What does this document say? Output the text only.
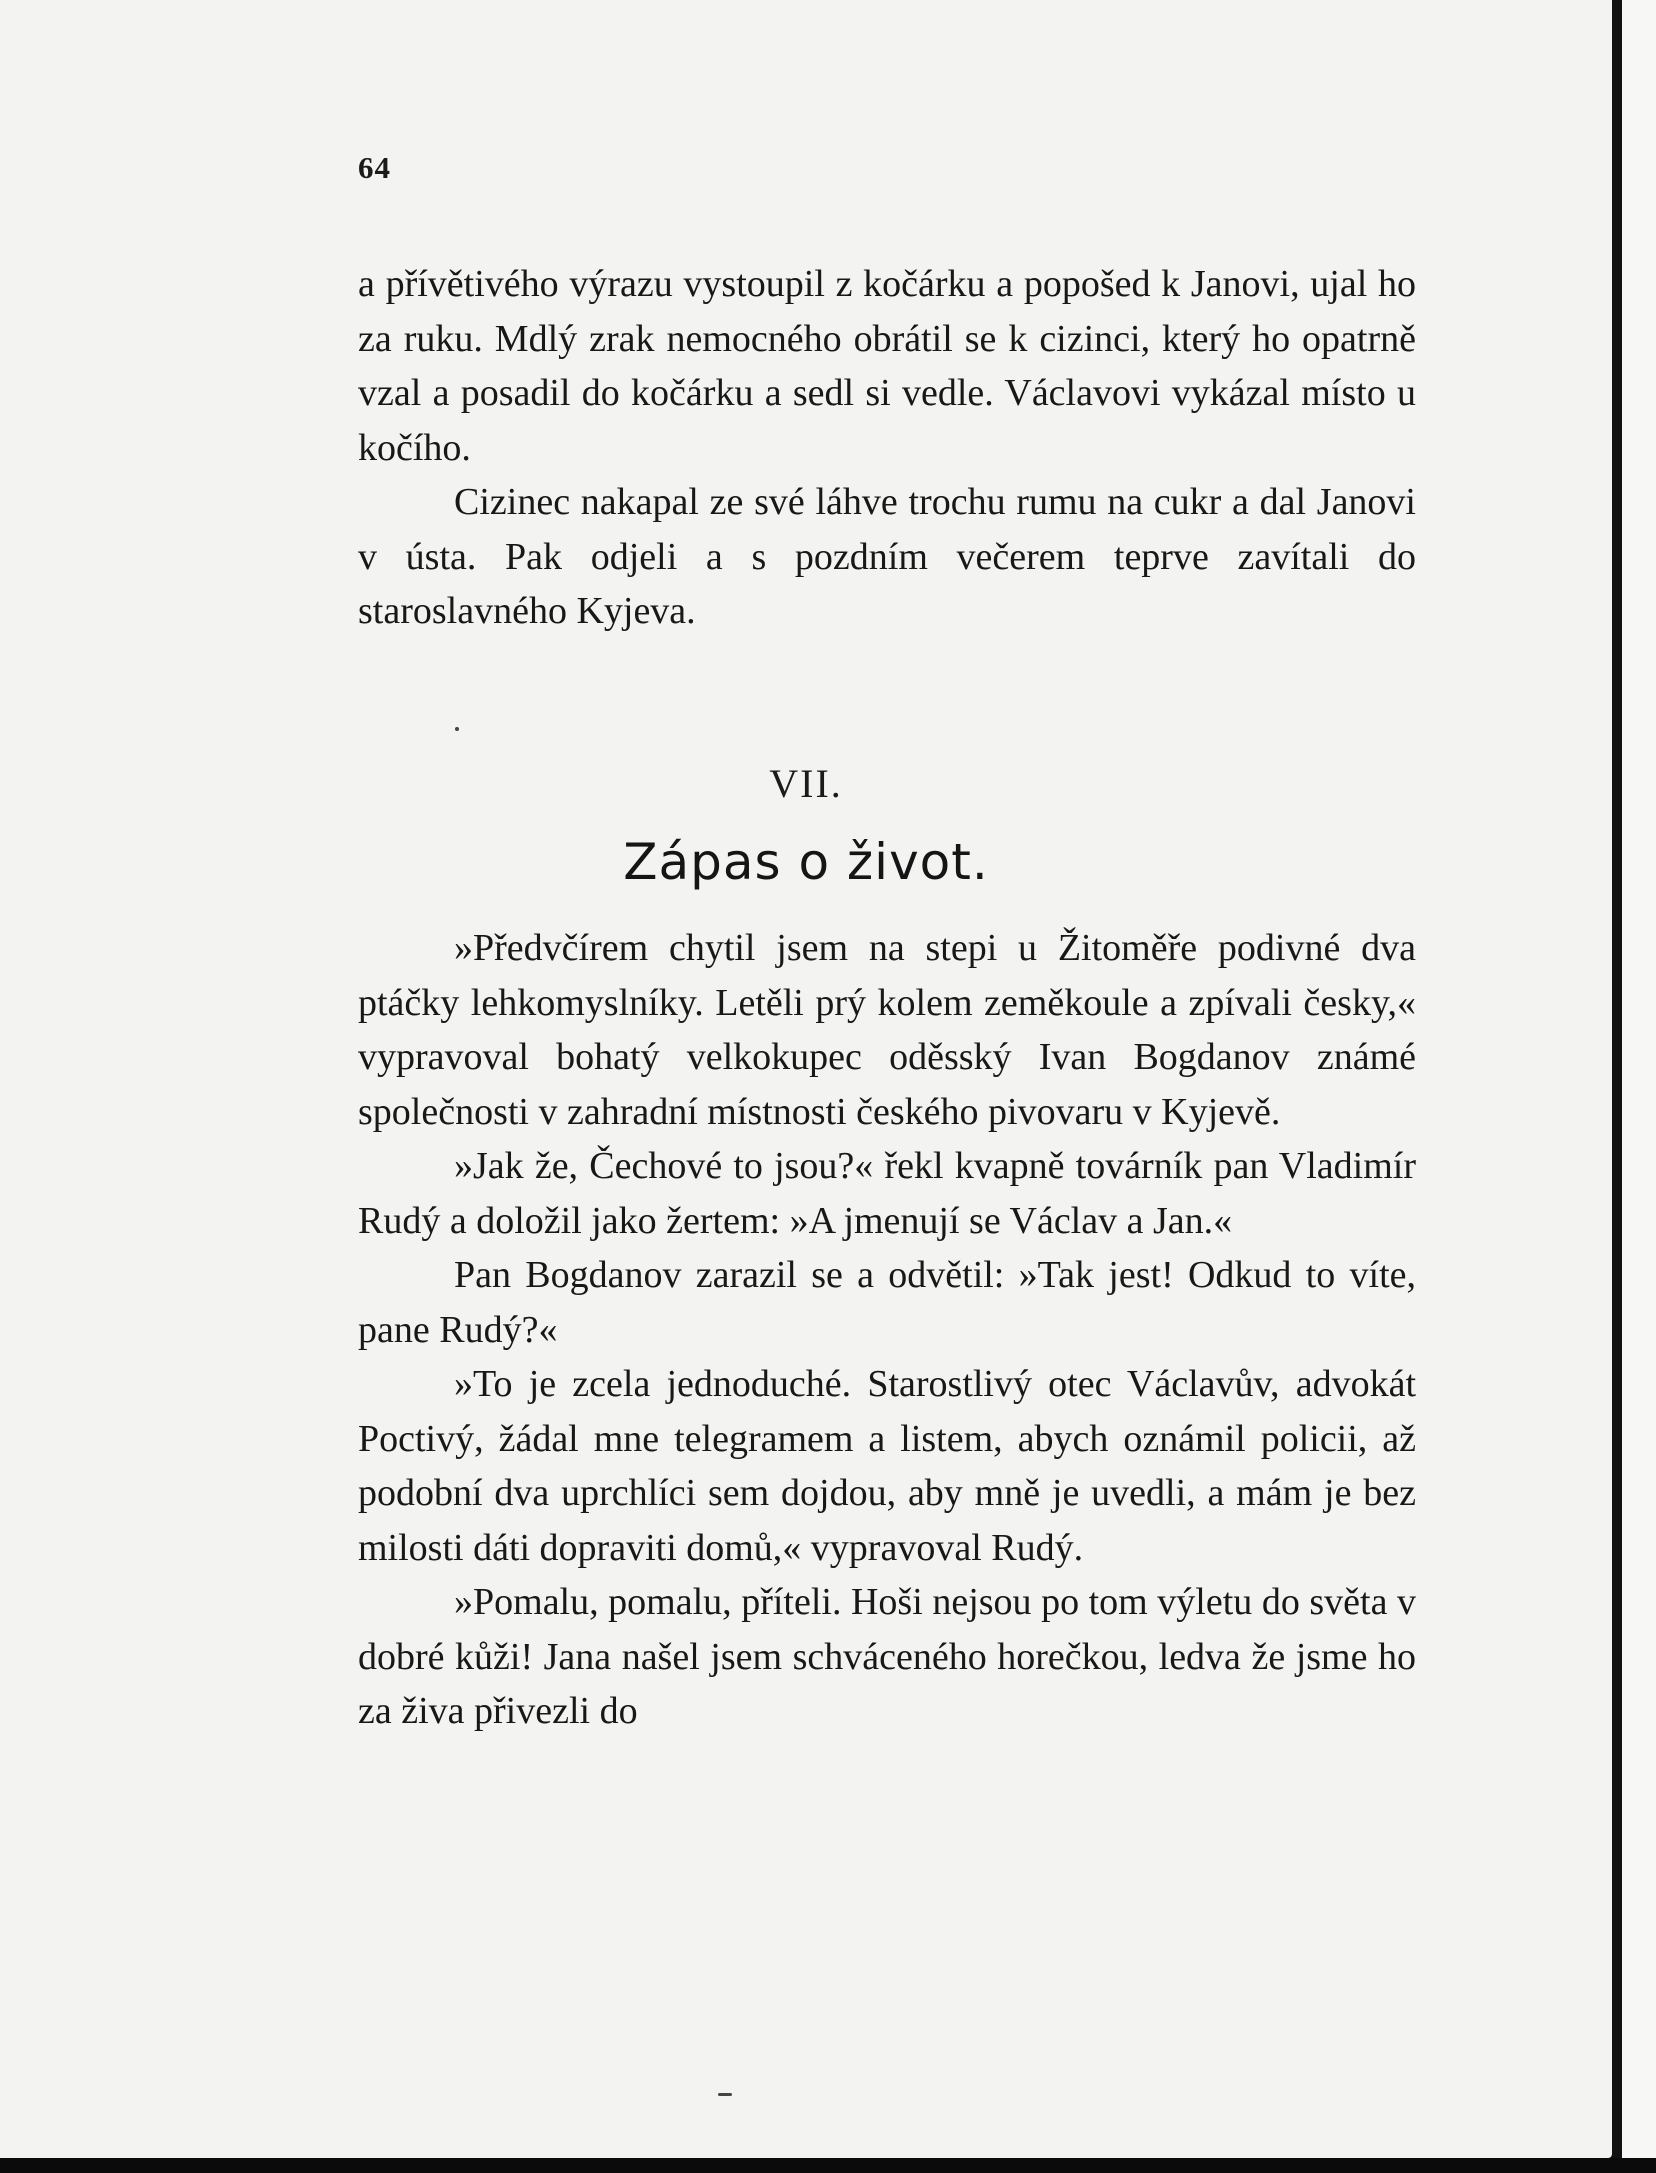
64

a přívětivého výrazu vystoupil z kočárku a popošed k Janovi, ujal ho za ruku. Mdlý zrak nemocného obrátil se k cizinci, který ho opatrně vzal a posadil do kočárku a sedl si vedle. Václavovi vykázal místo u kočího.

Cizinec nakapal ze své láhve trochu rumu na cukr a dal Janovi v ústa. Pak odjeli a s pozdním večerem teprve zavítali do staroslavného Kyjeva.

VII.
Zápas o život.

»Předvčírem chytil jsem na stepi u Žitoměře podivné dva ptáčky lehkomyslníky. Letěli prý kolem zeměkoule a zpívali česky,« vypravoval bohatý velkokupec oděsský Ivan Bogdanov známé společnosti v zahradní místnosti českého pivovaru v Kyjevě.

»Jak že, Čechové to jsou?« řekl kvapně továrník pan Vladimír Rudý a doložil jako žertem: »A jmenují se Václav a Jan.«

Pan Bogdanov zarazil se a odvětil: »Tak jest! Odkud to víte, pane Rudý?«

»To je zcela jednoduché. Starostlivý otec Václavův, advokát Poctivý, žádal mne telegramem a listem, abych oznámil policii, až podobní dva uprchlíci sem dojdou, aby mně je uvedli, a mám je bez milosti dáti dopraviti domů,« vypravoval Rudý.

»Pomalu, pomalu, příteli. Hoši nejsou po tom výletu do světa v dobré kůži! Jana našel jsem schváceného horečkou, ledva že jsme ho za živa přivezli do
